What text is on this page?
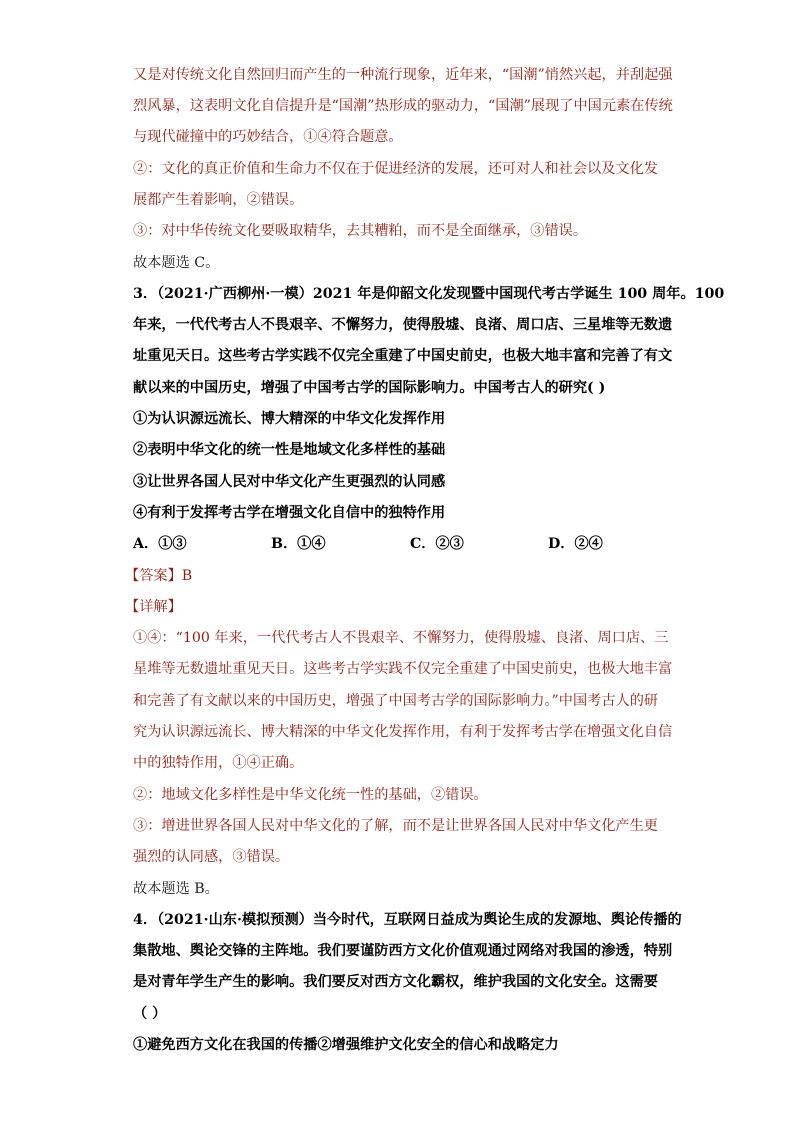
又是对传统文化自然回归而产生的一种流行现象，近年来，“国潮”悄然兴起，并刮起强
烈风暴，这表明文化自信提升是“国潮”热形成的驱动力，“国潮”展现了中国元素在传统
与现代碰撞中的巧妙结合，①④符合题意。
②：文化的真正价值和生命力不仅在于促进经济的发展，还可对人和社会以及文化发
展都产生着影响，②错误。
③：对中华传统文化要吸取精华，去其糟粕，而不是全面继承，③错误。
故本题选 C。
3．（2021·广西柳州·一模）2021 年是仰韶文化发现暨中国现代考古学诞生 100 周年。100
年来，一代代考古人不畏艰辛、不懈努力，使得殷墟、良渚、周口店、三星堆等无数遗
址重见天日。这些考古学实践不仅完全重建了中国史前史，也极大地丰富和完善了有文
献以来的中国历史，增强了中国考古学的国际影响力。中国考古人的研究( )
①为认识源远流长、博大精深的中华文化发挥作用
②表明中华文化的统一性是地域文化多样性的基础
③让世界各国人民对中华文化产生更强烈的认同感
④有利于发挥考古学在增强文化自信中的独特作用
A．①③	B．①④	C．②③	D．②④
【答案】B
【详解】
①④：“100 年来，一代代考古人不畏艰辛、不懈努力，使得殷墟、良渚、周口店、三
星堆等无数遗址重见天日。这些考古学实践不仅完全重建了中国史前史，也极大地丰富
和完善了有文献以来的中国历史，增强了中国考古学的国际影响力。”中国考古人的研
究为认识源远流长、博大精深的中华文化发挥作用，有利于发挥考古学在增强文化自信
中的独特作用，①④正确。
②：地域文化多样性是中华文化统一性的基础，②错误。
③：增进世界各国人民对中华文化的了解，而不是让世界各国人民对中华文化产生更
强烈的认同感，③错误。
故本题选 B。
4．（2021·山东·模拟预测）当今时代，互联网日益成为舆论生成的发源地、舆论传播的
集散地、舆论交锋的主阵地。我们要谨防西方文化价值观通过网络对我国的渗透，特别
是对青年学生产生的影响。我们要反对西方文化霸权，维护我国的文化安全。这需要
（ ）
①避免西方文化在我国的传播②增强维护文化安全的信心和战略定力
